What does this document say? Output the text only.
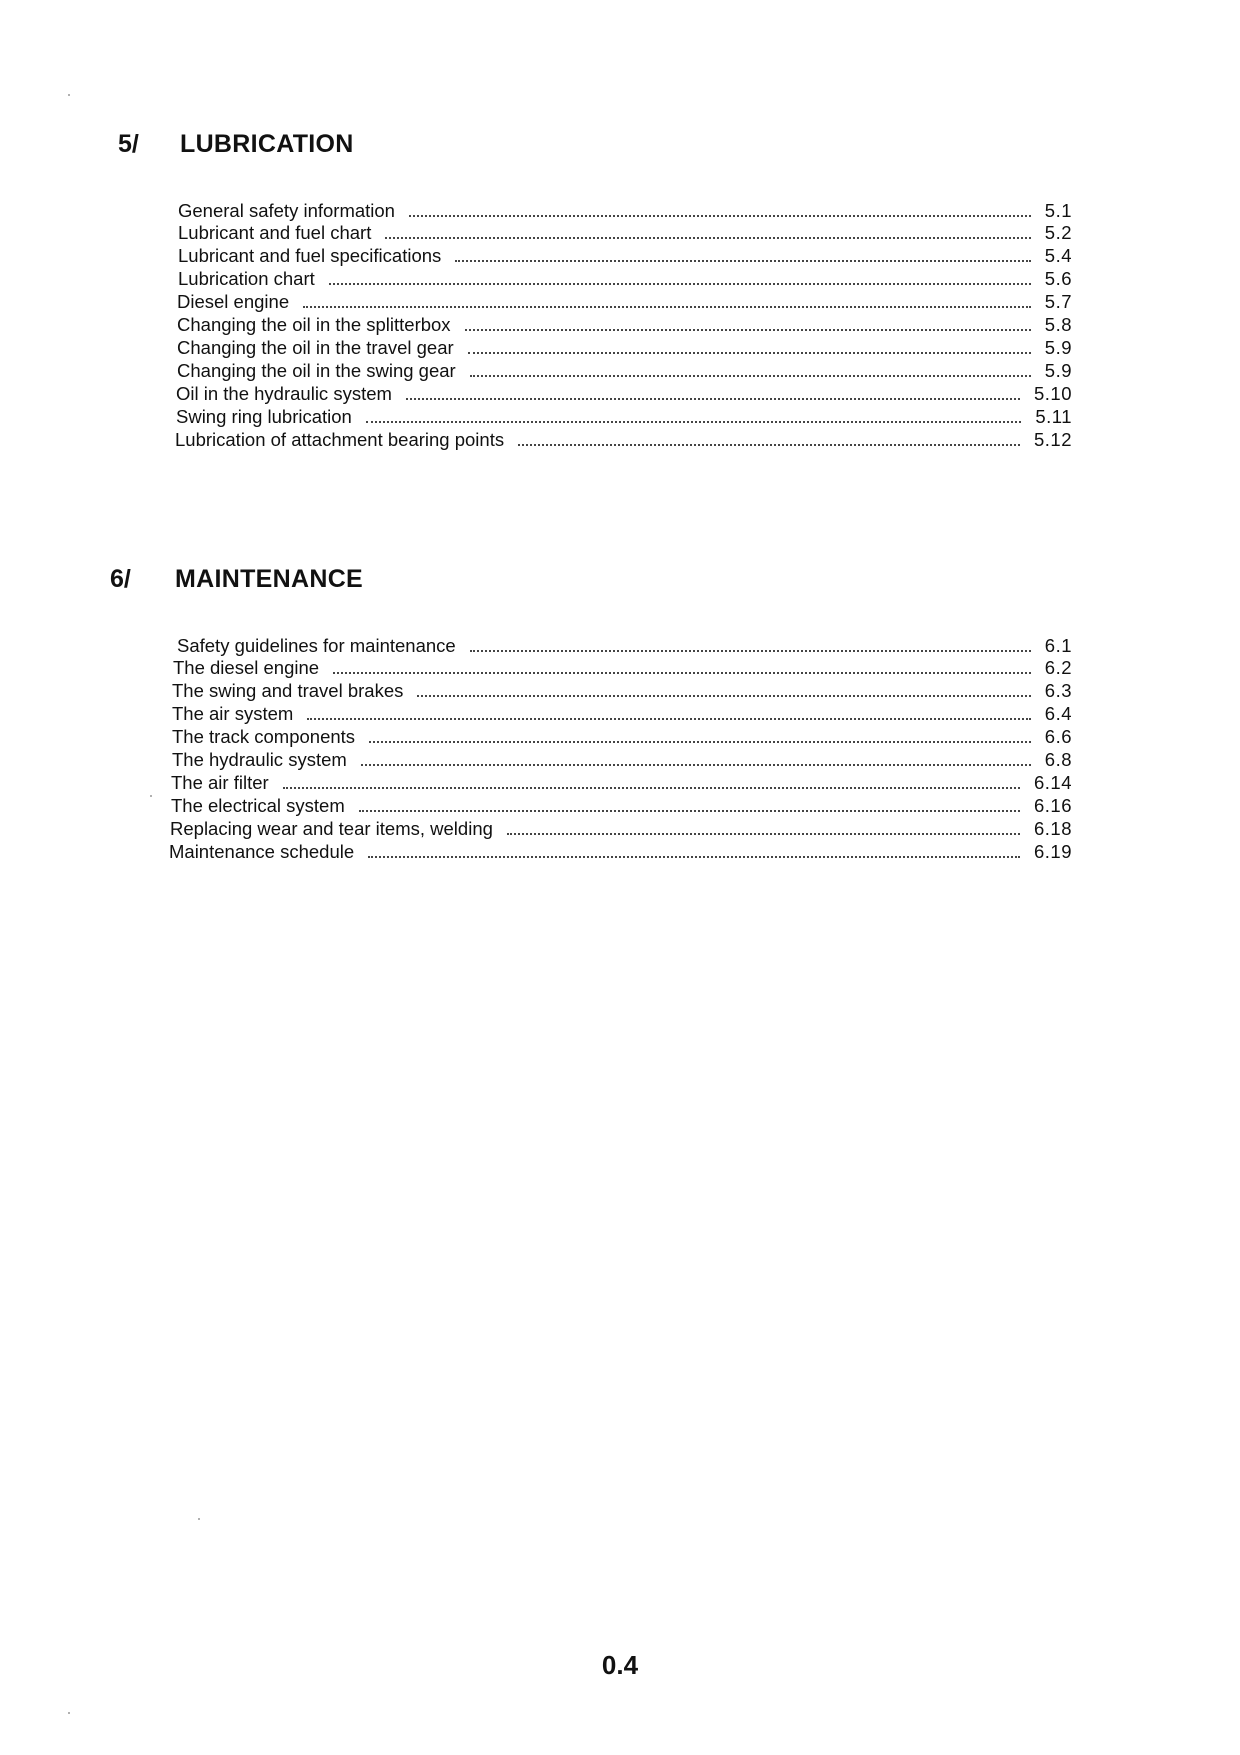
5/ LUBRICATION
General safety information	5.1
Lubricant and fuel chart	5.2
Lubricant and fuel specifications	5.4
Lubrication chart	5.6
Diesel engine	5.7
Changing the oil in the splitterbox	5.8
Changing the oil in the travel gear	5.9
Changing the oil in the swing gear	5.9
Oil in the hydraulic system	5.10
Swing ring lubrication	5.11
Lubrication of attachment bearing points	5.12
6/ MAINTENANCE
Safety guidelines for maintenance	6.1
The diesel engine	6.2
The swing and travel brakes	6.3
The air system	6.4
The track components	6.6
The hydraulic system	6.8
The air filter	6.14
The electrical system	6.16
Replacing wear and tear items, welding	6.18
Maintenance schedule	6.19
0.4
